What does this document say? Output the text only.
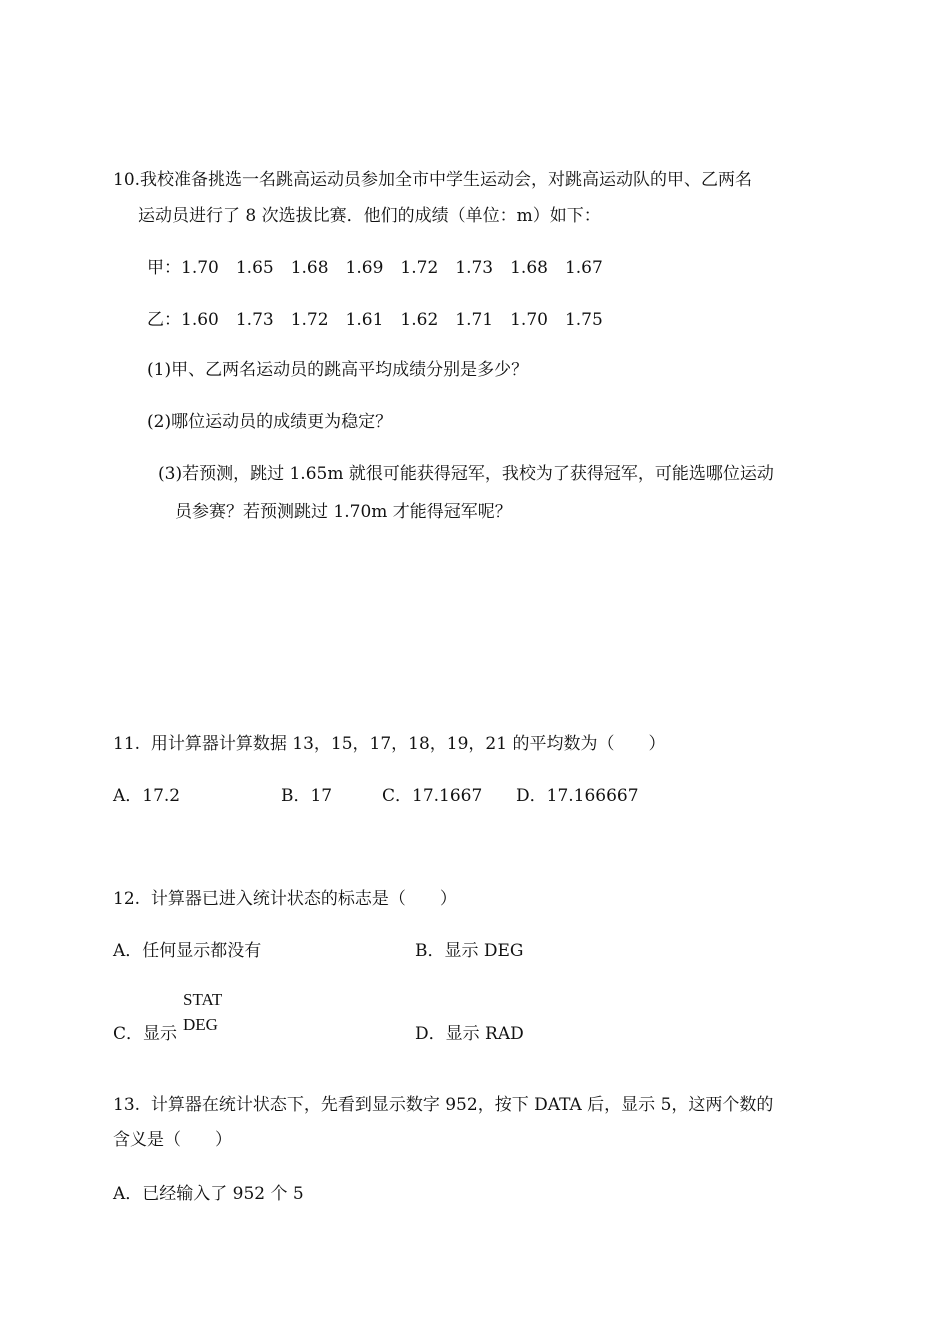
10.我校准备挑选一名跳高运动员参加全市中学生运动会，对跳高运动队的甲、乙两名

运动员进行了 8 次选拔比赛．他们的成绩（单位：m）如下：

甲：1.70　1.65　1.68　1.69　1.72　1.73　1.68　1.67

乙：1.60　1.73　1.72　1.61　1.62　1.71　1.70　1.75

(1)甲、乙两名运动员的跳高平均成绩分别是多少？

(2)哪位运动员的成绩更为稳定？

(3)若预测，跳过 1.65m 就很可能获得冠军，我校为了获得冠军，可能选哪位运动

员参赛？若预测跳过 1.70m 才能得冠军呢？

11.  用计算器计算数据 13，15，17，18，19，21 的平均数为（　　）

A．17.2	B．17	C．17.1667 D．17.166667

12.  计算器已进入统计状态的标志是（　　）

A．任何显示都没有	B．显示 DEG

C．显示

STAT
DEG	D．显示 RAD

13.  计算器在统计状态下，先看到显示数字 952，按下 DATA 后，显示 5，这两个数的

含义是（　　）

A．已经输入了 952 个 5
